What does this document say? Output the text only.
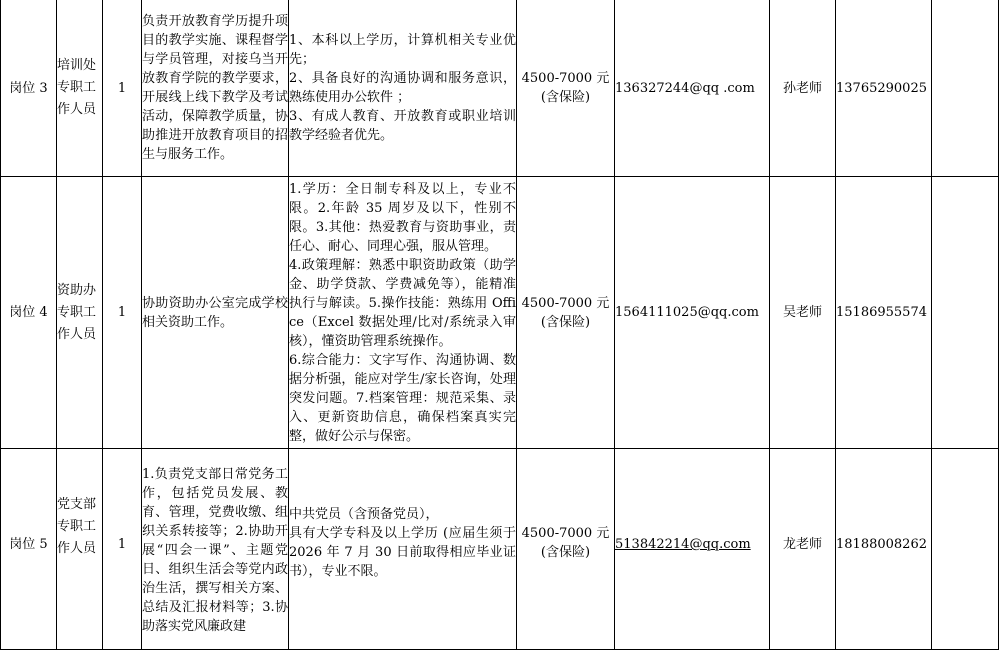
岗位 3	培训处专职工作人员	1	负责开放教育学历提升项目的教学实施、课程督学与学员管理，对接乌当开放教育学院的教学要求，开展线上线下教学及考试活动，保障教学质量，协助推进开放教育项目的招生与服务工作。	1、本科以上学历，计算机相关专业优先；
2、具备良好的沟通协调和服务意识，熟练使用办公软件 ；
3、有成人教育、开放教育或职业培训教学经验者优先。	4500-7000 元
(含保险)	136327244@qq .com	孙老师	13765290025	
岗位 4	资助办专职工作人员	1	协助资助办公室完成学校相关资助工作。	1.学历：全日制专科及以上，专业不限。2.年龄 35 周岁及以下，性别不限。3.其他：热爱教育与资助事业，责任心、耐心、同理心强，服从管理。
4.政策理解：熟悉中职资助政策（助学金、助学贷款、学费减免等），能精准执行与解读。5.操作技能：熟练用 Office（Excel 数据处理/比对/系统录入审核），懂资助管理系统操作。
6.综合能力：文字写作、沟通协调、数据分析强，能应对学生/家长咨询，处理突发问题。7.档案管理：规范采集、录入、更新资助信息，确保档案真实完整，做好公示与保密。	4500-7000 元
(含保险)	1564111025@qq.com	吴老师	15186955574	

岗位 5	党支部专职工作人员	1	1.负责党支部日常党务工作，包括党员发展、教育、管理，党费收缴、组织关系转接等；2.协助开展“四会一课”、主题党日、组织生活会等党内政治生活，撰写相关方案、总结及汇报材料等；3.协助落实党风廉政建	中共党员（含预备党员），
具有大学专科及以上学历 (应届生须于 2026 年 7 月 30 日前取得相应毕业证书），专业不限。	4500-7000 元
(含保险)	513842214@qq.com	龙老师	18188008262	
